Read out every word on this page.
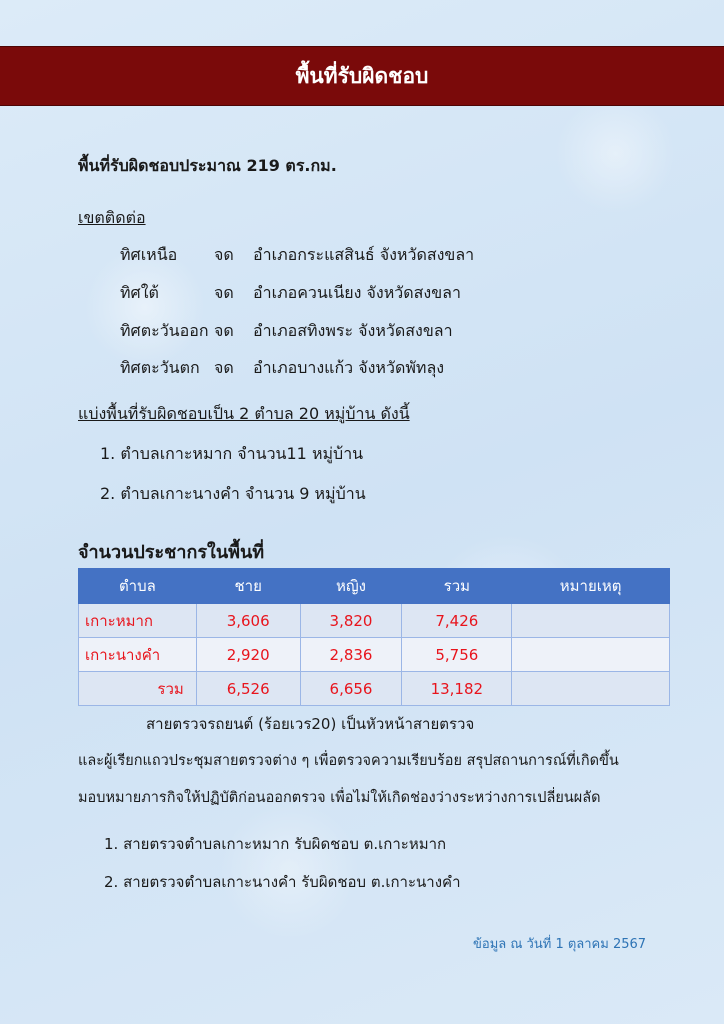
พื้นที่รับผิดชอบ
พื้นที่รับผิดชอบประมาณ 219 ตร.กม.
เขตติดต่อ
ทิศเหนือ จด อำเภอกระแสสินธ์ จังหวัดสงขลา
ทิศใต้	จด อำเภอควนเนียง จังหวัดสงขลา
ทิศตะวันออก จด อำเภอสทิงพระ จังหวัดสงขลา
ทิศตะวันตก จด อำเภอบางแก้ว จังหวัดพัทลุง
แบ่งพื้นที่รับผิดชอบเป็น 2 ตำบล 20 หมู่บ้าน ดังนี้
1. ตำบลเกาะหมาก จำนวน11 หมู่บ้าน
2. ตำบลเกาะนางคำ จำนวน 9 หมู่บ้าน
จำนวนประชากรในพื้นที่
ตำบล	ชาย	หญิง	รวม	หมายเหตุ
เกาะหมาก	3,606	3,820	7,426	
เกาะนางคำ	2,920	2,836	5,756	
รวม	6,526	6,656	13,182	
สายตรวจรถยนต์ (ร้อยเวร20) เป็นหัวหน้าสายตรวจ
และผู้เรียกแถวประชุมสายตรวจต่าง ๆ เพื่อตรวจความเรียบร้อย สรุปสถานการณ์ที่เกิดขึ้น
มอบหมายภารกิจให้ปฏิบัติก่อนออกตรวจ เพื่อไม่ให้เกิดช่องว่างระหว่างการเปลี่ยนผลัด
1. สายตรวจตำบลเกาะหมาก รับผิดชอบ ต.เกาะหมาก
2. สายตรวจตำบลเกาะนางคำ รับผิดชอบ ต.เกาะนางคำ
ข้อมูล ณ วันที่ 1 ตุลาคม 2567
